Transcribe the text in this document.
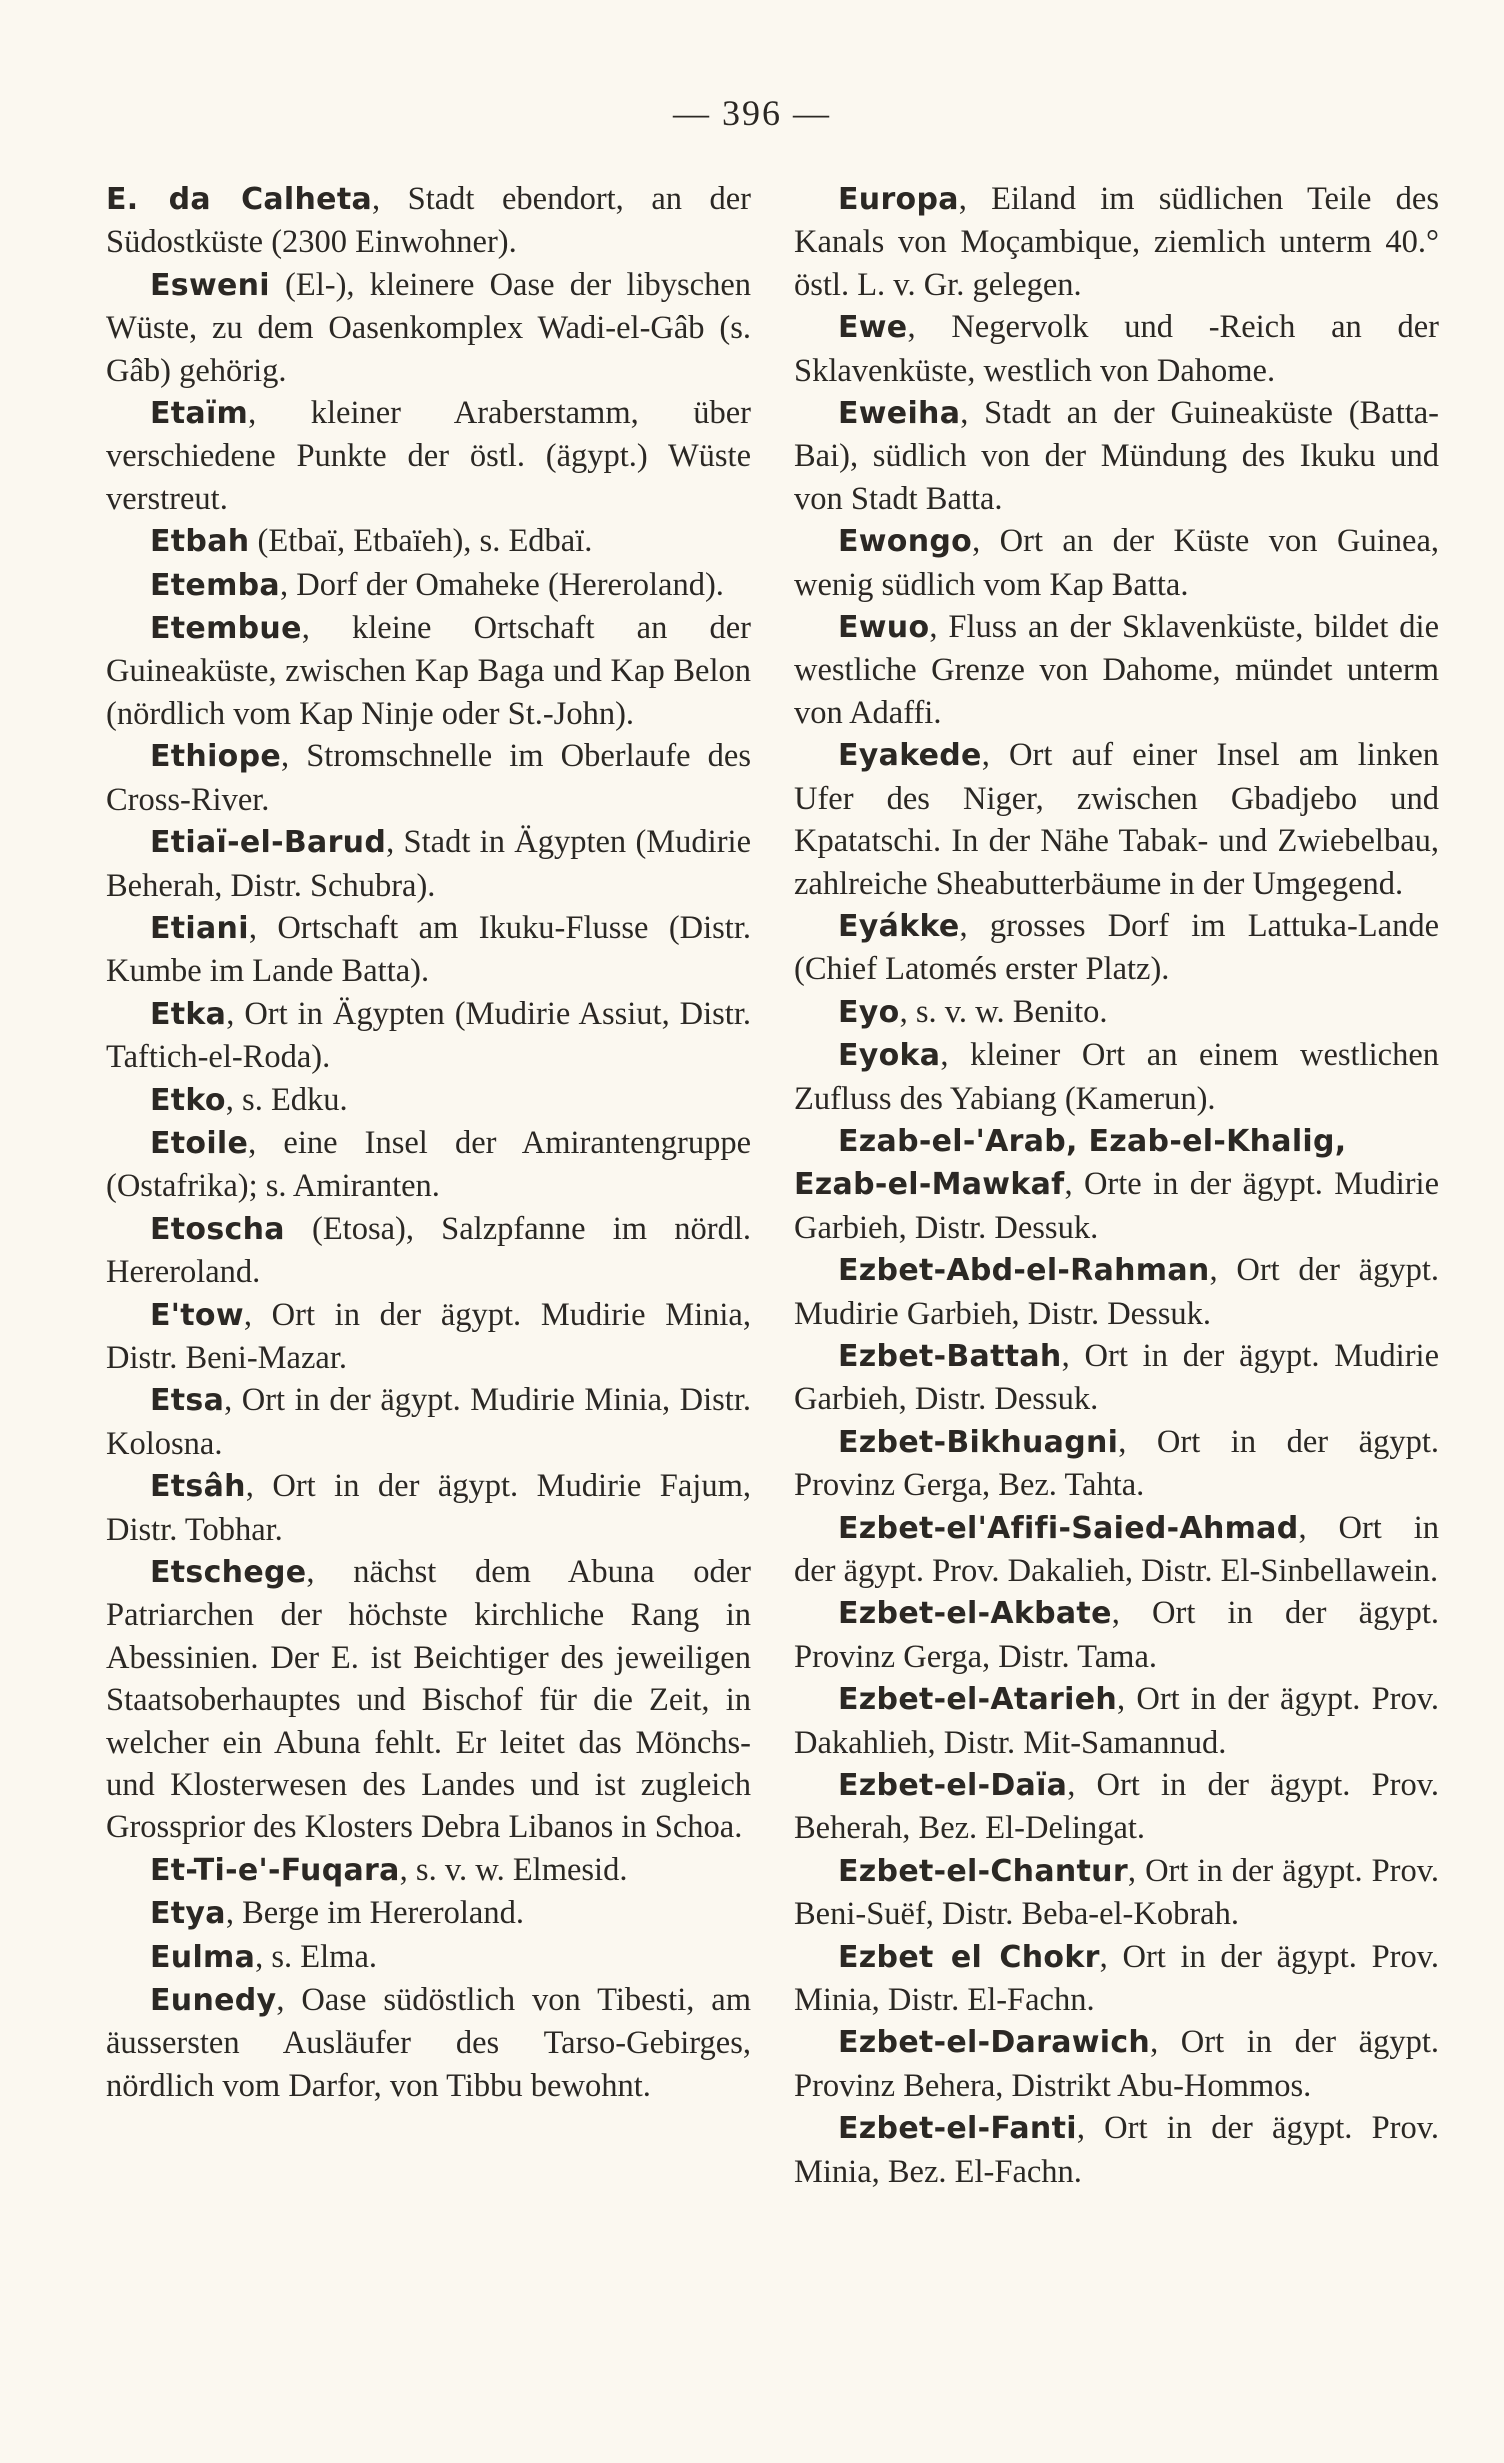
— 396 —

E. da Calheta, Stadt ebendort, an der Südostküste (2300 Einwohner).

Esweni (El-), kleinere Oase der libyschen Wüste, zu dem Oasenkomplex Wadi-el-Gâb (s. Gâb) gehörig.

Etaïm, kleiner Araberstamm, über verschiedene Punkte der östl. (ägypt.) Wüste verstreut.

Etbah (Etbaï, Etbaïeh), s. Edbaï.

Etemba, Dorf der Omaheke (Hereroland).

Etembue, kleine Ortschaft an der Guineaküste, zwischen Kap Baga und Kap Belon (nördlich vom Kap Ninje oder St.-John).

Ethiope, Stromschnelle im Oberlaufe des Cross-River.

Etiaï-el-Barud, Stadt in Ägypten (Mudirie Beherah, Distr. Schubra).

Etiani, Ortschaft am Ikuku-Flusse (Distr. Kumbe im Lande Batta).

Etka, Ort in Ägypten (Mudirie Assiut, Distr. Taftich-el-Roda).

Etko, s. Edku.

Etoile, eine Insel der Amirantengruppe (Ostafrika); s. Amiranten.

Etoscha (Etosa), Salzpfanne im nördl. Hereroland.

E'tow, Ort in der ägypt. Mudirie Minia, Distr. Beni-Mazar.

Etsa, Ort in der ägypt. Mudirie Minia, Distr. Kolosna.

Etsâh, Ort in der ägypt. Mudirie Fajum, Distr. Tobhar.

Etschege, nächst dem Abuna oder Patriarchen der höchste kirchliche Rang in Abessinien. Der E. ist Beichtiger des jeweiligen Staatsoberhauptes und Bischof für die Zeit, in welcher ein Abuna fehlt. Er leitet das Mönchs- und Klosterwesen des Landes und ist zugleich Grossprior des Klosters Debra Libanos in Schoa.

Et-Ti-e'-Fuqara, s. v. w. Elmesid.

Etya, Berge im Hereroland.

Eulma, s. Elma.

Eunedy, Oase südöstlich von Tibesti, am äussersten Ausläufer des Tarso-Gebirges, nördlich vom Darfor, von Tibbu bewohnt.

Europa, Eiland im südlichen Teile des Kanals von Moçambique, ziemlich unterm 40.° östl. L. v. Gr. gelegen.

Ewe, Negervolk und -Reich an der Sklavenküste, westlich von Dahome.

Eweiha, Stadt an der Guineaküste (Batta-Bai), südlich von der Mündung des Ikuku und von Stadt Batta.

Ewongo, Ort an der Küste von Guinea, wenig südlich vom Kap Batta.

Ewuo, Fluss an der Sklavenküste, bildet die westliche Grenze von Dahome, mündet unterm von Adaffi.

Eyakede, Ort auf einer Insel am linken Ufer des Niger, zwischen Gbadjebo und Kpatatschi. In der Nähe Tabak- und Zwiebelbau, zahlreiche Sheabutterbäume in der Umgegend.

Eyákke, grosses Dorf im Lattuka-Lande (Chief Latomés erster Platz).

Eyo, s. v. w. Benito.

Eyoka, kleiner Ort an einem westlichen Zufluss des Yabiang (Kamerun).

Ezab-el-'Arab, Ezab-el-Khalig,

Ezab-el-Mawkaf, Orte in der ägypt. Mudirie Garbieh, Distr. Dessuk.

Ezbet-Abd-el-Rahman, Ort der ägypt. Mudirie Garbieh, Distr. Dessuk.

Ezbet-Battah, Ort in der ägypt. Mudirie Garbieh, Distr. Dessuk.

Ezbet-Bikhuagni, Ort in der ägypt. Provinz Gerga, Bez. Tahta.

Ezbet-el'Afifi-Saied-Ahmad, Ort in der ägypt. Prov. Dakalieh, Distr. El-Sinbellawein.

Ezbet-el-Akbate, Ort in der ägypt. Provinz Gerga, Distr. Tama.

Ezbet-el-Atarieh, Ort in der ägypt. Prov. Dakahlieh, Distr. Mit-Samannud.

Ezbet-el-Daïa, Ort in der ägypt. Prov. Beherah, Bez. El-Delingat.

Ezbet-el-Chantur, Ort in der ägypt. Prov. Beni-Suëf, Distr. Beba-el-Kobrah.

Ezbet el Chokr, Ort in der ägypt. Prov. Minia, Distr. El-Fachn.

Ezbet-el-Darawich, Ort in der ägypt. Provinz Behera, Distrikt Abu-Hommos.

Ezbet-el-Fanti, Ort in der ägypt. Prov. Minia, Bez. El-Fachn.
